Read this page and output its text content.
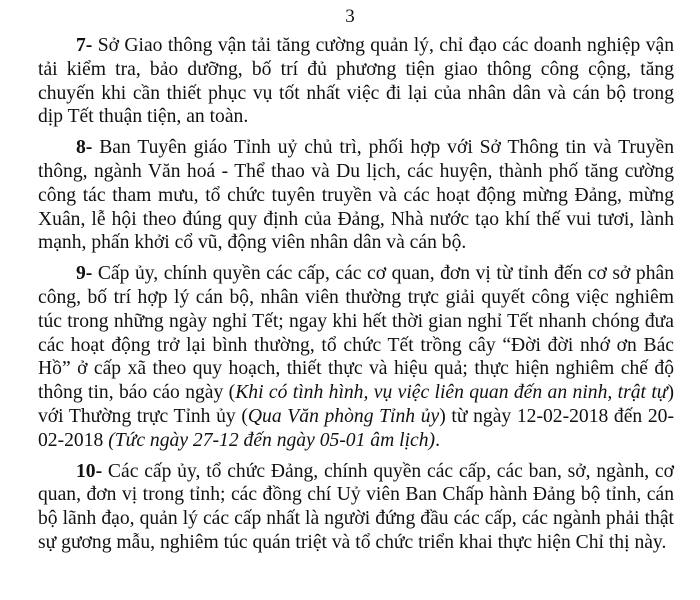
3

7- Sở Giao thông vận tải tăng cường quản lý, chỉ đạo các doanh nghiệp vận tải kiểm tra, bảo dưỡng, bố trí đủ phương tiện giao thông công cộng, tăng chuyến khi cần thiết phục vụ tốt nhất việc đi lại của nhân dân và cán bộ trong dịp Tết thuận tiện, an toàn.

8- Ban Tuyên giáo Tỉnh uỷ chủ trì, phối hợp với Sở Thông tin và Truyền thông, ngành Văn hoá - Thể thao và Du lịch, các huyện, thành phố tăng cường công tác tham mưu, tổ chức tuyên truyền và các hoạt động mừng Đảng, mừng Xuân, lễ hội theo đúng quy định của Đảng, Nhà nước tạo khí thế vui tươi, lành mạnh, phấn khởi cổ vũ, động viên nhân dân và cán bộ.

9- Cấp ủy, chính quyền các cấp, các cơ quan, đơn vị từ tỉnh đến cơ sở phân công, bố trí hợp lý cán bộ, nhân viên thường trực giải quyết công việc nghiêm túc trong những ngày nghỉ Tết; ngay khi hết thời gian nghỉ Tết nhanh chóng đưa các hoạt động trở lại bình thường, tổ chức Tết trồng cây “Đời đời nhớ ơn Bác Hồ” ở cấp xã theo quy hoạch, thiết thực và hiệu quả; thực hiện nghiêm chế độ thông tin, báo cáo ngày (Khi có tình hình, vụ việc liên quan đến an ninh, trật tự) với Thường trực Tỉnh ủy (Qua Văn phòng Tỉnh ủy) từ ngày 12-02-2018 đến 20-02-2018 (Tức ngày 27-12 đến ngày 05-01 âm lịch).

10- Các cấp ủy, tổ chức Đảng, chính quyền các cấp, các ban, sở, ngành, cơ quan, đơn vị trong tỉnh; các đồng chí Uỷ viên Ban Chấp hành Đảng bộ tỉnh, cán bộ lãnh đạo, quản lý các cấp nhất là người đứng đầu các cấp, các ngành phải thật sự gương mẫu, nghiêm túc quán triệt và tổ chức triển khai thực hiện Chỉ thị này.
